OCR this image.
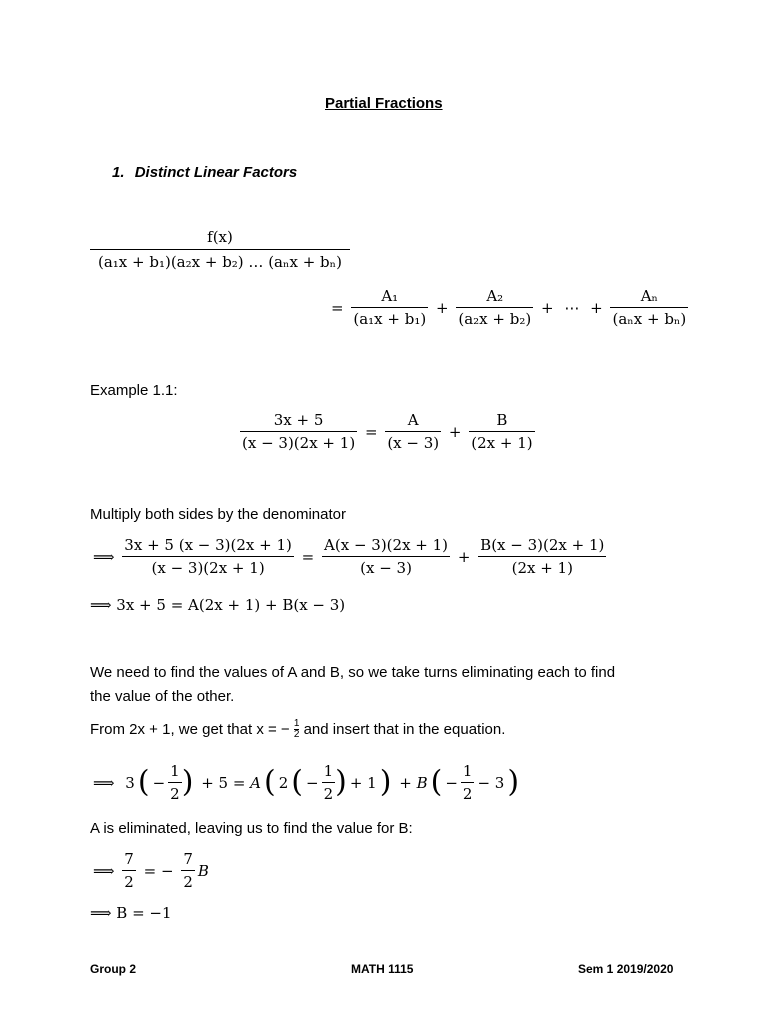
Partial Fractions
1. Distinct Linear Factors
f(x)
(a₁x + b₁)(a₂x + b₂) … (aₙx + bₙ)
= $\frac{\text{A₁}}{\text{(a₁x + b₁)}} + \frac{\text{A₂}}{\text{(a₂x + b₂)}}$ + ⋯ + $\frac{\text{Aₙ}}{\text{(aₙx + bₙ)}}$
Example 1.1:
$\frac{3x + 5}{(x - 3)(2x + 1)} = \frac{A}{(x - 3)} + \frac{B}{(2x + 1)}$
Multiply both sides by the denominator
⟹ $\frac{3x + 5 (x - 3)(2x + 1)}{(x - 3)(2x + 1)} = \frac{A(x - 3)(2x + 1)}{(x - 3)} + \frac{B(x - 3)(2x + 1)}{(2x + 1)}$
⟹ 3x + 5 = A(2x + 1) + B(x − 3)
We need to find the values of A and B, so we take turns eliminating each to find
the value of the other.
From 2x + 1, we get that x = − $\frac{1}{2}$ and insert that in the equation.
⟹ 3 ( − $\frac{1}{2}$ ) + 5 = A ( 2 ( − $\frac{1}{2}$ ) + 1 ) + B ( − $\frac{1}{2} - 3$ )
A is eliminated, leaving us to find the value for B:
⟹ $\frac{7}{2}$ = − $\frac{7}{2}$ B
⟹ B = −1
Group 2	MATH 1115	Sem 1 2019/2020
